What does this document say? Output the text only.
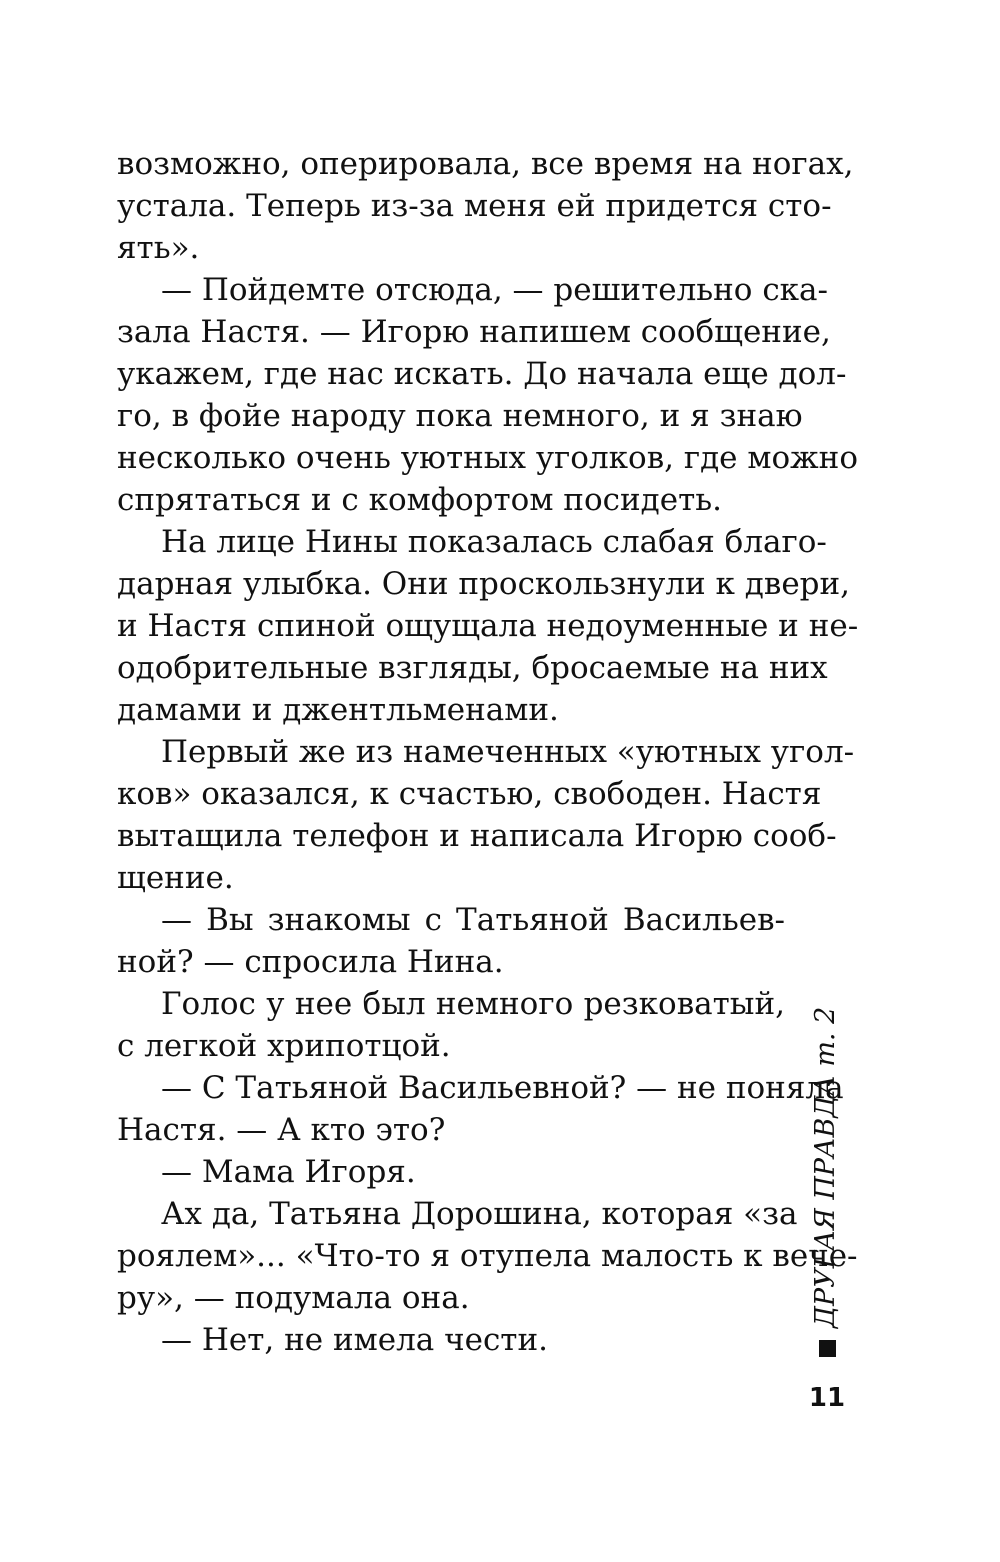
возможно, оперировала, все время на ногах,
устала. Теперь из-за меня ей придется сто-
ять».
— Пойдемте отсюда, — решительно ска-
зала Настя. — Игорю напишем сообщение,
укажем, где нас искать. До начала еще дол-
го, в фойе народу пока немного, и я знаю
несколько очень уютных уголков, где можно
спрятаться и с комфортом посидеть.
На лице Нины показалась слабая благо-
дарная улыбка. Они проскользнули к двери,
и Настя спиной ощущала недоуменные и не-
одобрительные взгляды, бросаемые на них
дамами и джентльменами.
Первый же из намеченных «уютных угол-
ков» оказался, к счастью, свободен. Настя
вытащила телефон и написала Игорю сооб-
щение.
— Вы знакомы с Татьяной Васильев-
ной? — спросила Нина.
Голос у нее был немного резковатый,
с легкой хрипотцой.
— С Татьяной Васильевной? — не поняла
Настя. — А кто это?
— Мама Игоря.
Ах да, Татьяна Дорошина, которая «за
роялем»... «Что-то я отупела малость к вече-
ру», — подумала она.
— Нет, не имела чести.
ДРУГАЯ ПРАВДА т. 2
11
